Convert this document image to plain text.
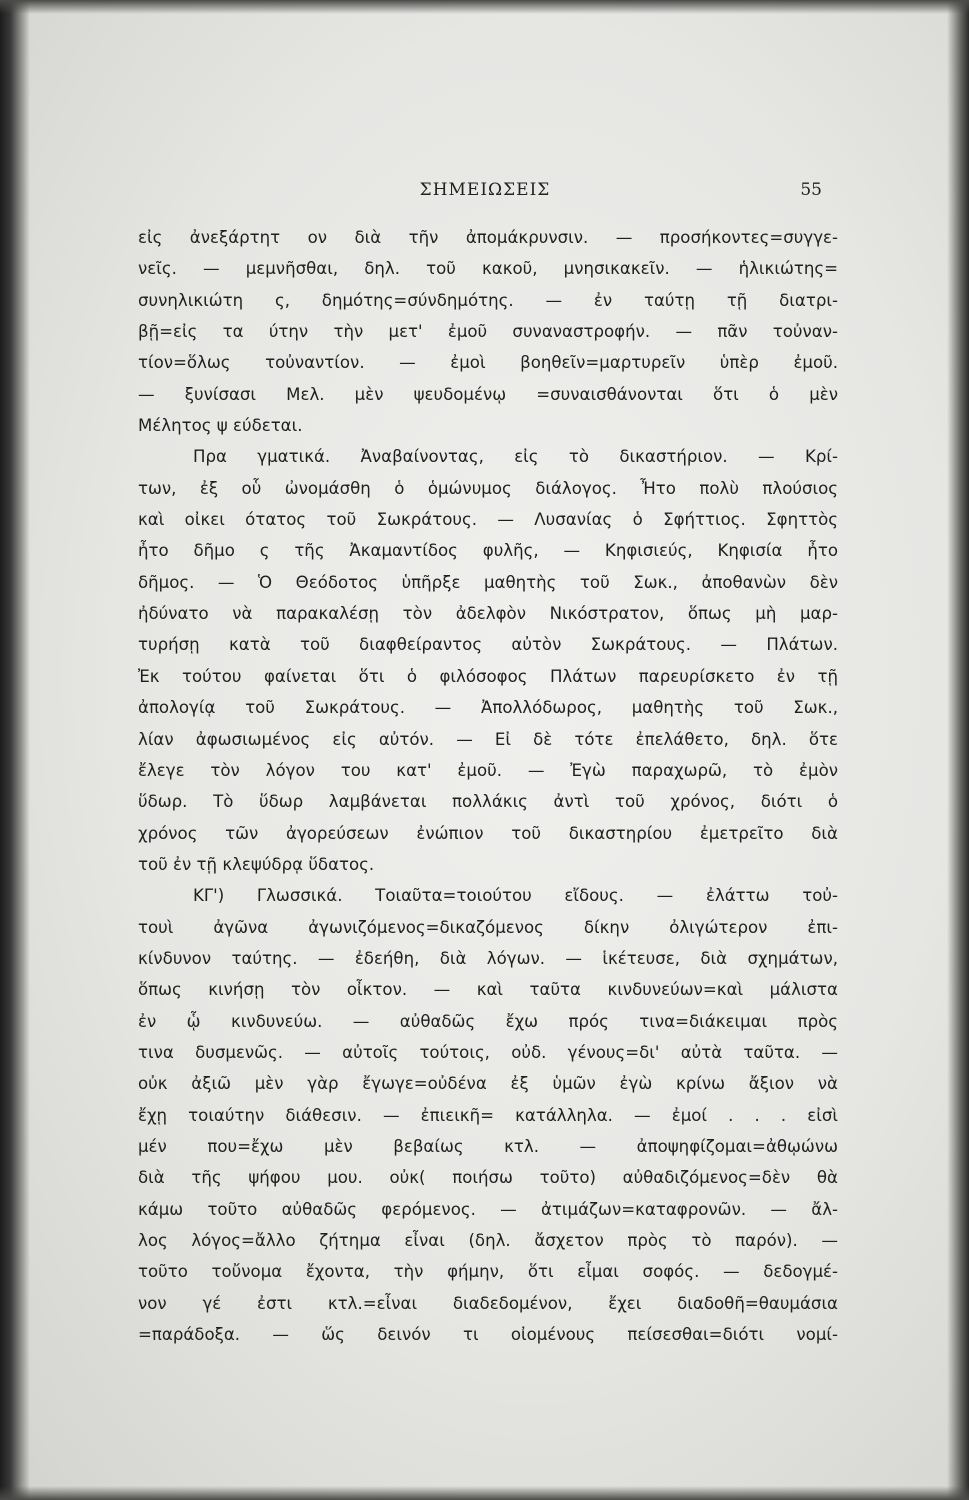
ΣΗΜΕΙΩΣΕΙΣ	55
εἰς ἀνεξάρτητ ον διὰ τῆν ἀπομάκρυνσιν. — προσήκοντες=συγγε-
νεῖς. — μεμνῆσθαι, δηλ. τοῦ κακοῦ, μνησικακεῖν. — ἡλικιώτης=
συνηλικιώτη ς, δημότης=σύνδημότης. — ἐν ταύτῃ τῇ διατρι-
βῇ=εἰς τα ύτην τὴν μετ' ἐμοῦ συναναστροφήν. — πᾶν τοὐναν-
τίον=ὅλως τοὐναντίον. — ἐμοὶ βοηθεῖν=μαρτυρεῖν ὑπὲρ ἐμοῦ.
— ξυνίσασι Μελ. μὲν ψευδομένῳ =συναισθάνονται ὅτι ὁ μὲν
Μέλητος ψ εύδεται.
Πρα γματικά. Ἀναβαίνοντας, εἰς τὸ δικαστήριον. — Κρί-
των, ἐξ οὗ ὠνομάσθη ὁ ὁμώνυμος διάλογος. Ἦτο πολὺ πλούσιος
καὶ οἰκει ότατος τοῦ Σωκράτους. — Λυσανίας ὁ Σφήττιος. Σφηττὸς
ἦτο δῆμο ς τῆς Ἀκαμαντίδος φυλῆς, — Κηφισιεύς, Κηφισία ἦτο
δῆμος. — Ὁ Θεόδοτος ὑπῆρξε μαθητὴς τοῦ Σωκ., ἀποθανὼν δὲν
ἠδύνατο νὰ παρακαλέσῃ τὸν ἀδελφὸν Νικόστρατον, ὅπως μὴ μαρ-
τυρήσῃ κατὰ τοῦ διαφθείραντος αὐτὸν Σωκράτους. — Πλάτων.
Ἐκ τούτου φαίνεται ὅτι ὁ φιλόσοφος Πλάτων παρευρίσκετο ἐν τῇ
ἀπολογίᾳ τοῦ Σωκράτους. — Ἀπολλόδωρος, μαθητὴς τοῦ Σωκ.,
λίαν ἀφωσιωμένος εἰς αὐτόν. — Εἰ δὲ τότε ἐπελάθετο, δηλ. ὅτε
ἔλεγε τὸν λόγον του κατ' ἐμοῦ. — Ἐγὼ παραχωρῶ, τὸ ἐμὸν
ὕδωρ. Τὸ ὕδωρ λαμβάνεται πολλάκις ἀντὶ τοῦ χρόνος, διότι ὁ
χρόνος τῶν ἀγορεύσεων ἐνώπιον τοῦ δικαστηρίου ἐμετρεῖτο διὰ
τοῦ ἐν τῇ κλεψύδρᾳ ὕδατος.
ΚΓ') Γλωσσικά. Τοιαῦτα=τοιούτου εἴδους. — ἐλάττω τοὐ-
τουὶ ἀγῶνα ἀγωνιζόμενος=δικαζόμενος δίκην ὀλιγώτερον ἐπι-
κίνδυνον ταύτης. — ἐδεήθη, διὰ λόγων. — ἱκέτευσε, διὰ σχημάτων,
ὅπως κινήσῃ τὸν οἶκτον. — καὶ ταῦτα κινδυνεύων=καὶ μάλιστα
ἐν ᾧ κινδυνεύω. — αὐθαδῶς ἔχω πρός τινα=διάκειμαι πρὸς
τινα δυσμενῶς. — αὐτοῖς τούτοις, οὐδ. γένους=δι' αὐτὰ ταῦτα. —
οὐκ ἀξιῶ μὲν γὰρ ἔγωγε=οὐδένα ἐξ ὑμῶν ἐγὼ κρίνω ἄξιον νὰ
ἔχῃ τοιαύτην διάθεσιν. — ἐπιεικῆ= κατάλληλα. — ἐμοί . . . εἰσὶ
μέν που=ἔχω μὲν βεβαίως κτλ. — ἀποψηφίζομαι=ἀθῳώνω
διὰ τῆς ψήφου μου. οὐκ( ποιήσω τοῦτο) αὐθαδιζόμενος=δὲν θὰ
κάμω τοῦτο αὐθαδῶς φερόμενος. — ἀτιμάζων=καταφρονῶν. — ἄλ-
λος λόγος=ἄλλο ζήτημα εἶναι (δηλ. ἄσχετον πρὸς τὸ παρόν). —
τοῦτο τοὔνομα ἔχοντα, τὴν φήμην, ὅτι εἶμαι σοφός. — δεδογμέ-
νον γέ ἐστι κτλ.=εἶναι διαδεδομένον, ἔχει διαδοθῆ=θαυμάσια
=παράδοξα. — ὥς δεινόν τι οἰομένους πείσεσθαι=διότι νομί-
